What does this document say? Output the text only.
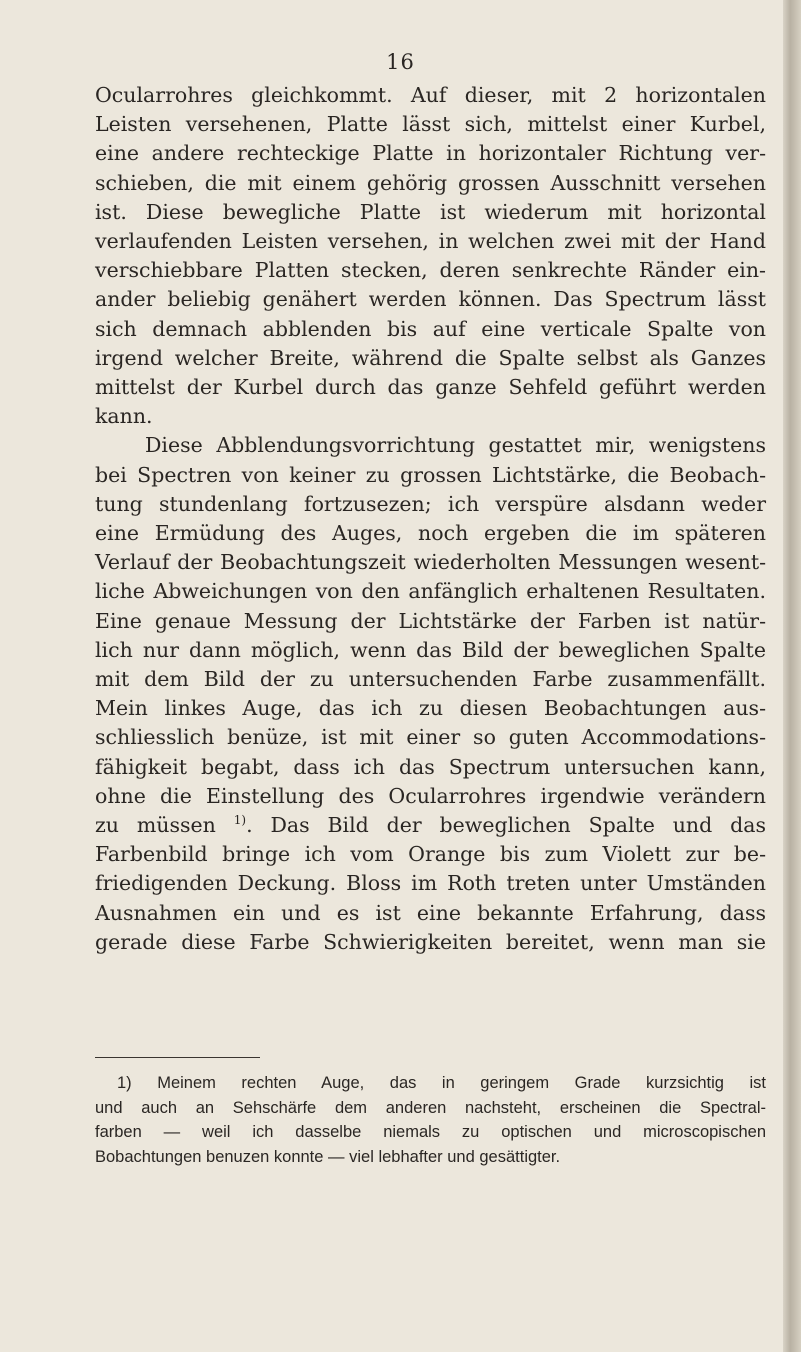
16

Ocularrohres gleichkommt. Auf dieser, mit 2 horizontalen

Leisten versehenen, Platte lässt sich, mittelst einer Kurbel,

eine andere rechteckige Platte in horizontaler Richtung ver-

schieben, die mit einem gehörig grossen Ausschnitt versehen

ist. Diese bewegliche Platte ist wiederum mit horizontal

verlaufenden Leisten versehen, in welchen zwei mit der Hand

verschiebbare Platten stecken, deren senkrechte Ränder ein-

ander beliebig genähert werden können. Das Spectrum lässt

sich demnach abblenden bis auf eine verticale Spalte von

irgend welcher Breite, während die Spalte selbst als Ganzes

mittelst der Kurbel durch das ganze Sehfeld geführt werden

kann.

Diese Abblendungsvorrichtung gestattet mir, wenigstens

bei Spectren von keiner zu grossen Lichtstärke, die Beobach-

tung stundenlang fortzusezen; ich verspüre alsdann weder

eine Ermüdung des Auges, noch ergeben die im späteren

Verlauf der Beobachtungszeit wiederholten Messungen wesent-

liche Abweichungen von den anfänglich erhaltenen Resultaten.

Eine genaue Messung der Lichtstärke der Farben ist natür-

lich nur dann möglich, wenn das Bild der beweglichen Spalte

mit dem Bild der zu untersuchenden Farbe zusammenfällt.

Mein linkes Auge, das ich zu diesen Beobachtungen aus-

schliesslich benüze, ist mit einer so guten Accommodations-

fähigkeit begabt, dass ich das Spectrum untersuchen kann,

ohne die Einstellung des Ocularrohres irgendwie verändern

zu müssen $^{1)}$. Das Bild der beweglichen Spalte und das

Farbenbild bringe ich vom Orange bis zum Violett zur be-

friedigenden Deckung. Bloss im Roth treten unter Umständen

Ausnahmen ein und es ist eine bekannte Erfahrung, dass

gerade diese Farbe Schwierigkeiten bereitet, wenn man sie

1) Meinem rechten Auge, das in geringem Grade kurzsichtig ist

und auch an Sehschärfe dem anderen nachsteht, erscheinen die Spectral-

farben — weil ich dasselbe niemals zu optischen und microscopischen

Bobachtungen benuzen konnte — viel lebhafter und gesättigter.
